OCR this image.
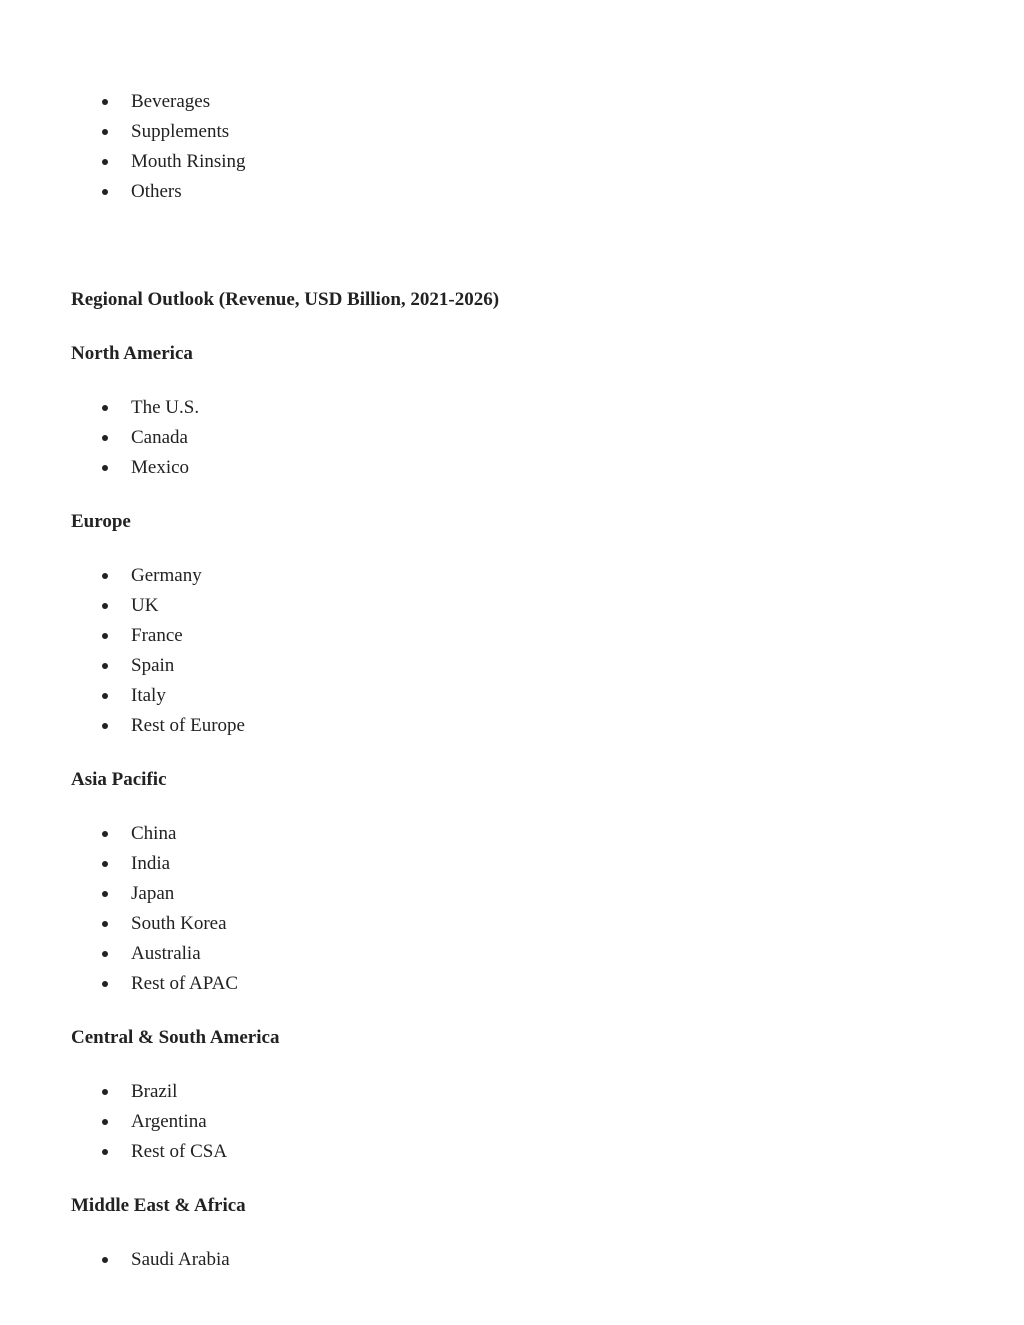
Beverages
Supplements
Mouth Rinsing
Others
Regional Outlook (Revenue, USD Billion, 2021-2026)
North America
The U.S.
Canada
Mexico
Europe
Germany
UK
France
Spain
Italy
Rest of Europe
Asia Pacific
China
India
Japan
South Korea
Australia
Rest of APAC
Central & South America
Brazil
Argentina
Rest of CSA
Middle East & Africa
Saudi Arabia
